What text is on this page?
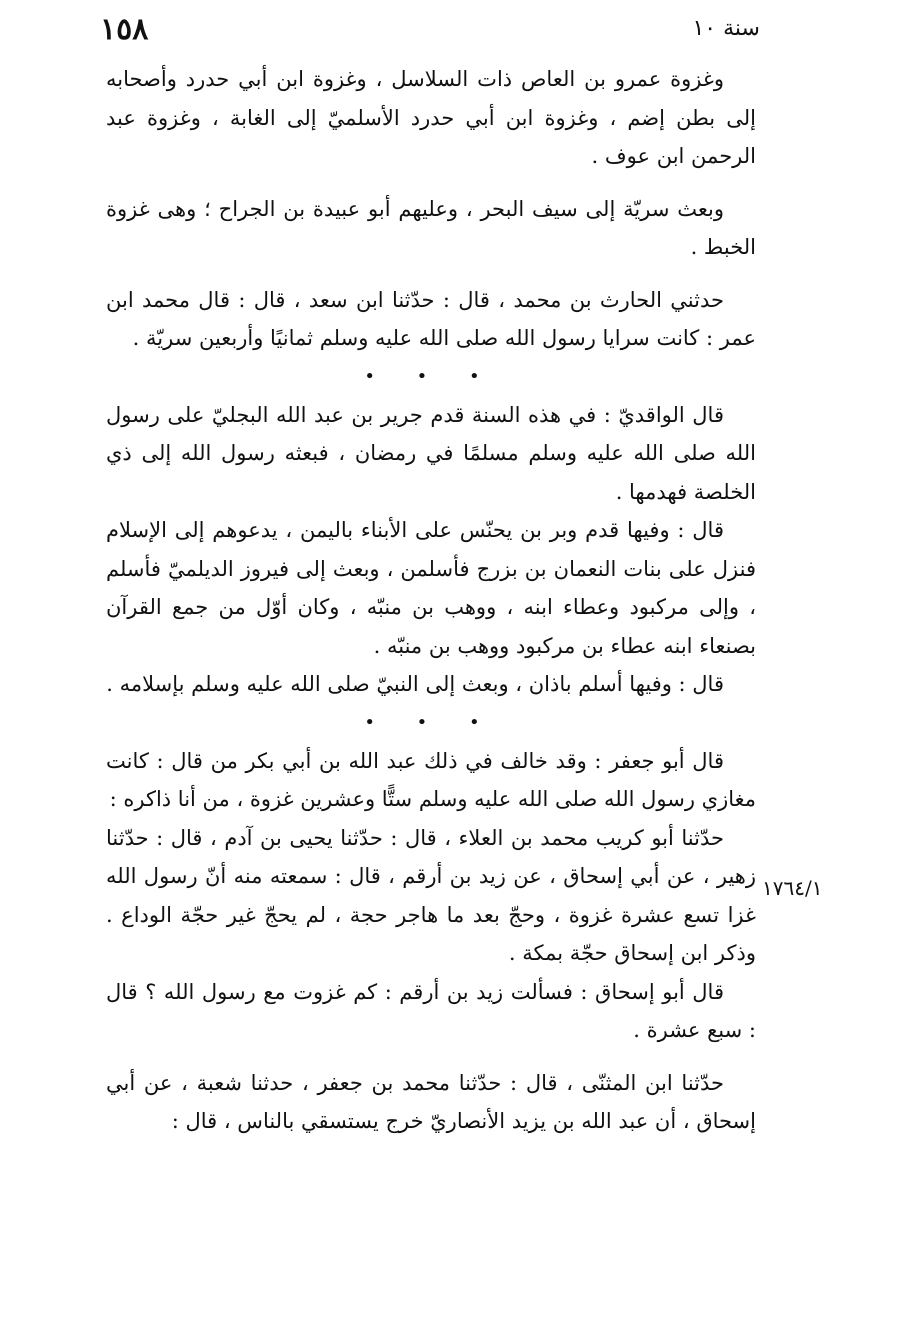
١٥٨	سنة ١٠

وغزوة عمرو بن العاص ذات السلاسل ، وغزوة ابن أبي حدرد وأصحابه إلى بطن إضم ، وغزوة ابن أبي حدرد الأسلميّ إلى الغابة ، وغزوة عبد الرحمن ابن عوف .

وبعث سريّة إلى سيف البحر ، وعليهم أبو عبيدة بن الجراح ؛ وهى غزوة الخبط .

حدثني الحارث بن محمد ، قال : حدّثنا ابن سعد ، قال : قال محمد ابن عمر : كانت سرايا رسول الله صلى الله عليه وسلم ثمانيًا وأربعين سريّة .

• • •

قال الواقديّ : في هذه السنة قدم جرير بن عبد الله البجليّ على رسول الله صلى الله عليه وسلم مسلمًا في رمضان ، فبعثه رسول الله إلى ذي الخلصة فهدمها .

قال : وفيها قدم وبر بن يحنّس على الأبناء باليمن ، يدعوهم إلى الإسلام فنزل على بنات النعمان بن بزرج فأسلمن ، وبعث إلى فيروز الديلميّ فأسلم ، وإلى مركبود وعطاء ابنه ، ووهب بن منبّه ، وكان أوّل من جمع القرآن بصنعاء ابنه عطاء بن مركبود ووهب بن منبّه .

قال : وفيها أسلم باذان ، وبعث إلى النبيّ صلى الله عليه وسلم بإسلامه .

• • •

قال أبو جعفر : وقد خالف في ذلك عبد الله بن أبي بكر من قال : كانت مغازي رسول الله صلى الله عليه وسلم ستًّا وعشرين غزوة ، من أنا ذاكره :

حدّثنا أبو كريب محمد بن العلاء ، قال : حدّثنا يحيى بن آدم ، قال : حدّثنا زهير ، عن أبي إسحاق ، عن زيد بن أرقم ، قال : سمعته منه أنّ رسول الله غزا تسع عشرة غزوة ، وحجّ بعد ما هاجر حجة ، لم يحجّ غير حجّة الوداع . وذكر ابن إسحاق حجّة بمكة .

قال أبو إسحاق : فسألت زيد بن أرقم : كم غزوت مع رسول الله ؟ قال : سبع عشرة .

حدّثنا ابن المثنّى ، قال : حدّثنا محمد بن جعفر ، حدثنا شعبة ، عن أبي إسحاق ، أن عبد الله بن يزيد الأنصاريّ خرج يستسقي بالناس ، قال :

١٧٦٤/١
